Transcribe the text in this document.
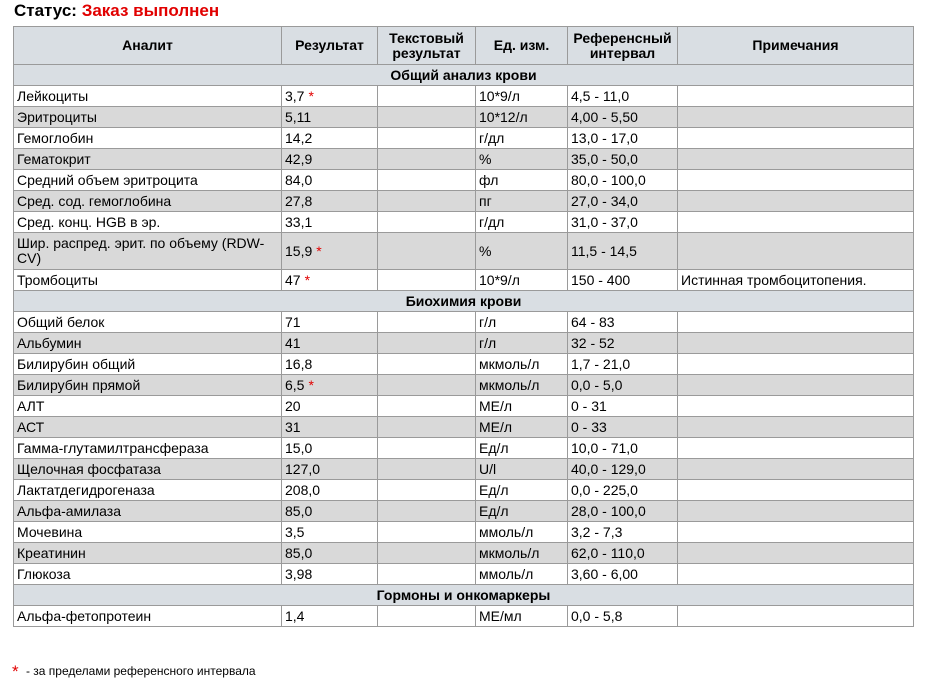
Статус: Заказ выполнен
Аналит	Результат	Текстовый результат	Ед. изм.	Референсный интервал	Примечания
Общий анализ крови					
Лейкоциты	3,7 *		10*9/л	4,5 - 11,0	
Эритроциты	5,11		10*12/л	4,00 - 5,50	
Гемоглобин	14,2		г/дл	13,0 - 17,0	
Гематокрит	42,9		%	35,0 - 50,0	
Средний объем эритроцита	84,0		фл	80,0 - 100,0	
Сред. сод. гемоглобина	27,8		пг	27,0 - 34,0	
Сред. конц. HGB в эр.	33,1		г/дл	31,0 - 37,0	
Шир. распред. эрит. по объему (RDW-CV)	15,9 *		%	11,5 - 14,5	
Тромбоциты	47 *		10*9/л	150 - 400	Истинная тромбоцитопения.
Биохимия крови					
Общий белок	71		г/л	64 - 83	
Альбумин	41		г/л	32 - 52	
Билирубин общий	16,8		мкмоль/л	1,7 - 21,0	
Билирубин прямой	6,5 *		мкмоль/л	0,0 - 5,0	
АЛТ	20		МЕ/л	0 - 31	
АСТ	31		МЕ/л	0 - 33	
Гамма-глутамилтрансфераза	15,0		Ед/л	10,0 - 71,0	
Щелочная фосфатаза	127,0		U/l	40,0 - 129,0	
Лактатдегидрогеназа	208,0		Ед/л	0,0 - 225,0	
Альфа-амилаза	85,0		Ед/л	28,0 - 100,0	
Мочевина	3,5		ммоль/л	3,2 - 7,3	
Креатинин	85,0		мкмоль/л	62,0 - 110,0	
Глюкоза	3,98		ммоль/л	3,60 - 6,00	
Гормоны и онкомаркеры					
Альфа-фетопротеин	1,4		МЕ/мл	0,0 - 5,8	
* - за пределами референсного интервала
